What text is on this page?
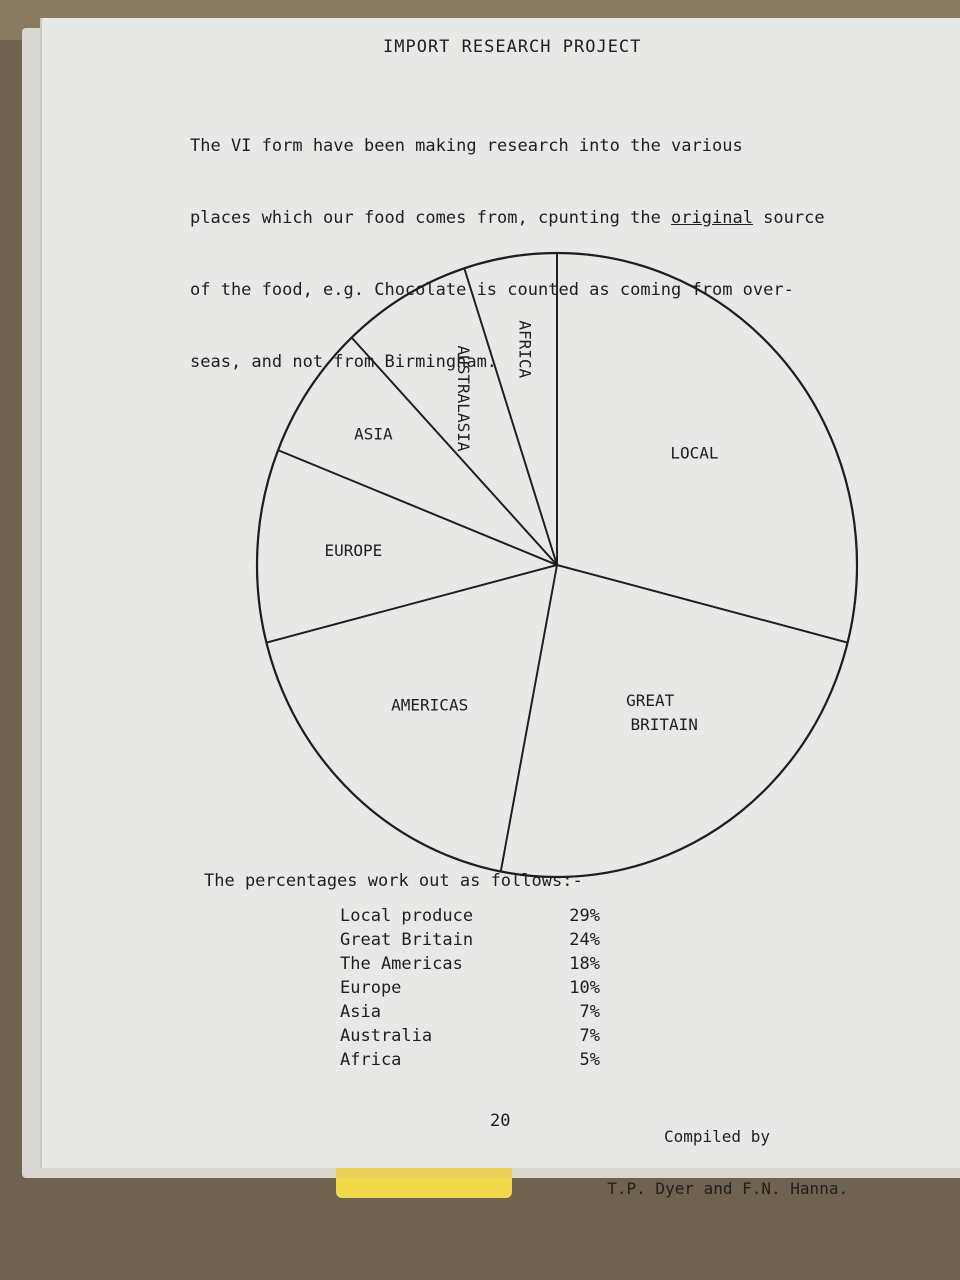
IMPORT RESEARCH PROJECT

The VI form have been making research into the various

places which our food comes from, cpunting the original source

of the food, e.g. Chocolate is counted as coming from over-

seas, and not from Birmingham.

LOCAL
GREAT BRITAIN
AMERICAS
EUROPE
ASIA	AUSTRALASIA	AFRICA
The percentages work out as follows:-
Local produce	29%
Great Britain	24%
The Americas	18%
Europe	10%
Asia	7%
Australia	7%
Africa	5%

Compiled by

T.P. Dyer and F.N. Hanna.

20
